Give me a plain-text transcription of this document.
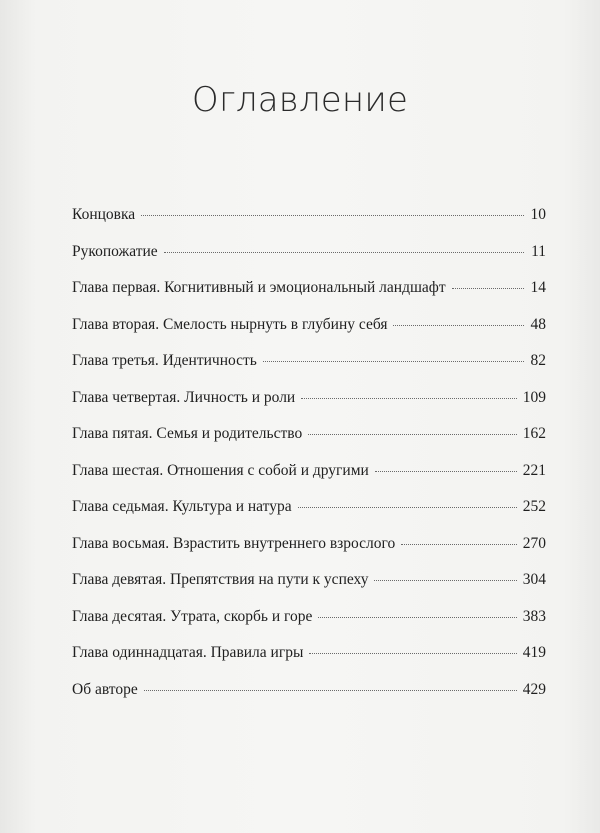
Оглавление
Концовка	10
Рукопожатие	11
Глава первая. Когнитивный и эмоциональный ландшафт	14
Глава вторая. Смелость нырнуть в глубину себя	48
Глава третья. Идентичность	82
Глава четвертая. Личность и роли	109
Глава пятая. Семья и родительство	162
Глава шестая. Отношения с собой и другими	221
Глава седьмая. Культура и натура	252
Глава восьмая. Взрастить внутреннего взрослого	270
Глава девятая. Препятствия на пути к успеху	304
Глава десятая. Утрата, скорбь и горе	383
Глава одиннадцатая. Правила игры	419
Об авторе	429
